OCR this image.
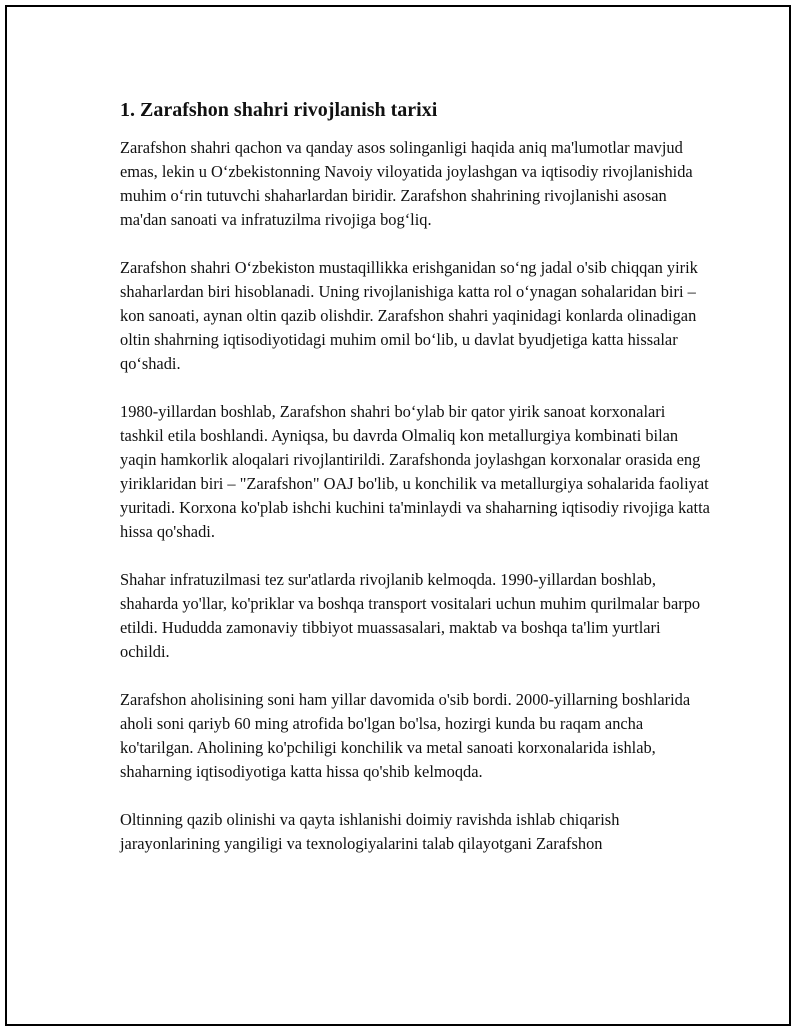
1. Zarafshon shahri rivojlanish tarixi

Zarafshon shahri qachon va qanday asos solinganligi haqida aniq ma'lumotlar mavjud emas, lekin u O‘zbekistonning Navoiy viloyatida joylashgan va iqtisodiy rivojlanishida muhim o‘rin tutuvchi shaharlardan biridir. Zarafshon shahrining rivojlanishi asosan ma'dan sanoati va infratuzilma rivojiga bog‘liq.

Zarafshon shahri O‘zbekiston mustaqillikka erishganidan so‘ng jadal o'sib chiqqan yirik shaharlardan biri hisoblanadi. Uning rivojlanishiga katta rol o‘ynagan sohalaridan biri – kon sanoati, aynan oltin qazib olishdir. Zarafshon shahri yaqinidagi konlarda olinadigan oltin shahrning iqtisodiyotidagi muhim omil bo‘lib, u davlat byudjetiga katta hissalar qo‘shadi.

1980-yillardan boshlab, Zarafshon shahri bo‘ylab bir qator yirik sanoat korxonalari tashkil etila boshlandi. Ayniqsa, bu davrda Olmaliq kon metallurgiya kombinati bilan yaqin hamkorlik aloqalari rivojlantirildi. Zarafshonda joylashgan korxonalar orasida eng yiriklaridan biri – "Zarafshon" OAJ bo'lib, u konchilik va metallurgiya sohalarida faoliyat yuritadi. Korxona ko'plab ishchi kuchini ta'minlaydi va shaharning iqtisodiy rivojiga katta hissa qo'shadi.

Shahar infratuzilmasi tez sur'atlarda rivojlanib kelmoqda. 1990-yillardan boshlab, shaharda yo'llar, ko'priklar va boshqa transport vositalari uchun muhim qurilmalar barpo etildi. Hududda zamonaviy tibbiyot muassasalari, maktab va boshqa ta'lim yurtlari ochildi.

Zarafshon aholisining soni ham yillar davomida o'sib bordi. 2000-yillarning boshlarida aholi soni qariyb 60 ming atrofida bo'lgan bo'lsa, hozirgi kunda bu raqam ancha ko'tarilgan. Aholining ko'pchiligi konchilik va metal sanoati korxonalarida ishlab, shaharning iqtisodiyotiga katta hissa qo'shib kelmoqda.

Oltinning qazib olinishi va qayta ishlanishi doimiy ravishda ishlab chiqarish jarayonlarining yangiligi va texnologiyalarini talab qilayotgani Zarafshon
